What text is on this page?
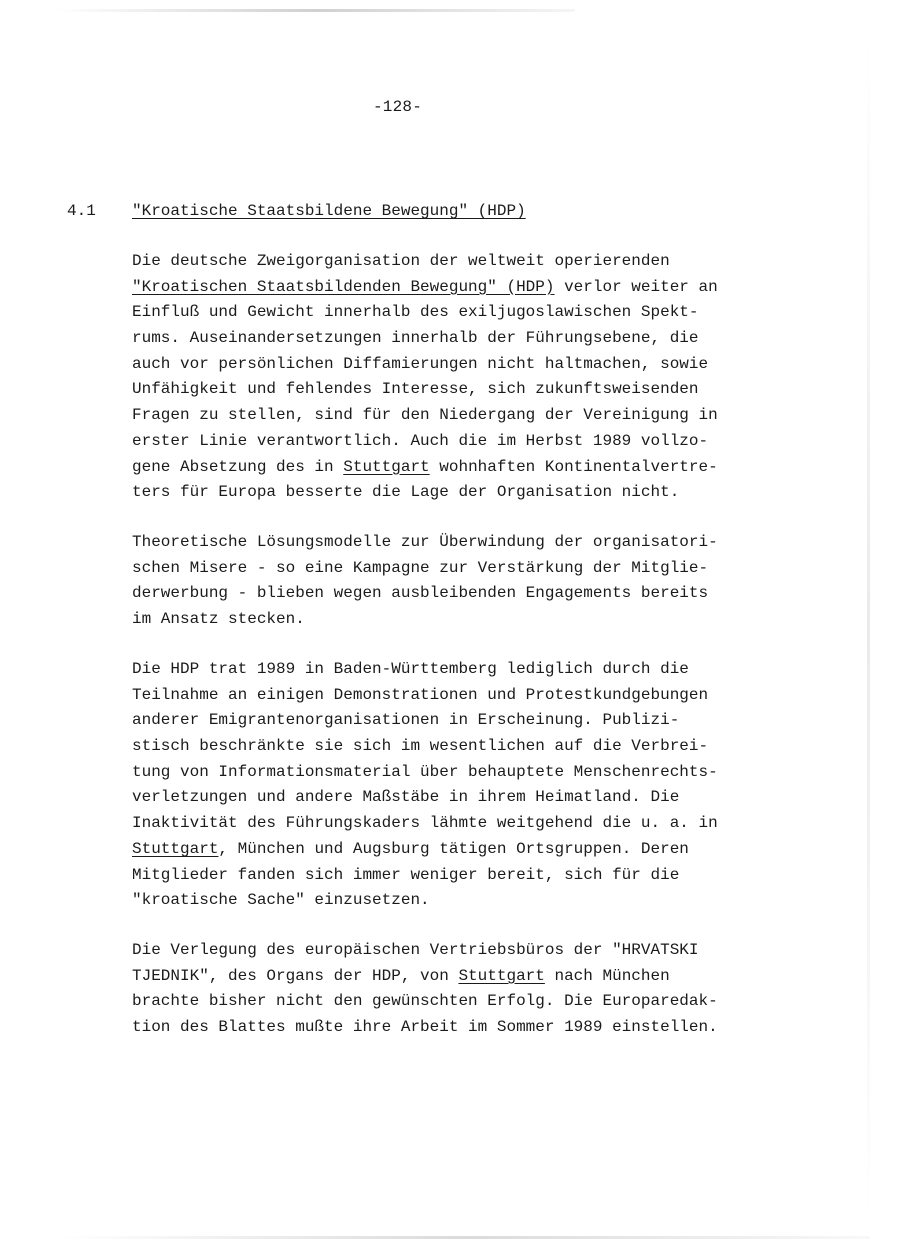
-128-
4.1 "Kroatische Staatsbildene Bewegung" (HDP)
Die deutsche Zweigorganisation der weltweit operierenden
"Kroatischen Staatsbildenden Bewegung" (HDP) verlor weiter an
Einfluß und Gewicht innerhalb des exiljugoslawischen Spekt-
rums. Auseinandersetzungen innerhalb der Führungsebene, die
auch vor persönlichen Diffamierungen nicht haltmachen, sowie
Unfähigkeit und fehlendes Interesse, sich zukunftsweisenden
Fragen zu stellen, sind für den Niedergang der Vereinigung in
erster Linie verantwortlich. Auch die im Herbst 1989 vollzo-
gene Absetzung des in Stuttgart wohnhaften Kontinentalvertre-
ters für Europa besserte die Lage der Organisation nicht.
Theoretische Lösungsmodelle zur Überwindung der organisatori-
schen Misere - so eine Kampagne zur Verstärkung der Mitglie-
derwerbung - blieben wegen ausbleibenden Engagements bereits
im Ansatz stecken.
Die HDP trat 1989 in Baden-Württemberg lediglich durch die
Teilnahme an einigen Demonstrationen und Protestkundgebungen
anderer Emigrantenorganisationen in Erscheinung. Publizi-
stisch beschränkte sie sich im wesentlichen auf die Verbrei-
tung von Informationsmaterial über behauptete Menschenrechts-
verletzungen und andere Maßstäbe in ihrem Heimatland. Die
Inaktivität des Führungskaders lähmte weitgehend die u. a. in
Stuttgart, München und Augsburg tätigen Ortsgruppen. Deren
Mitglieder fanden sich immer weniger bereit, sich für die
"kroatische Sache" einzusetzen.
Die Verlegung des europäischen Vertriebsbüros der "HRVATSKI
TJEDNIK", des Organs der HDP, von Stuttgart nach München
brachte bisher nicht den gewünschten Erfolg. Die Europaredak-
tion des Blattes mußte ihre Arbeit im Sommer 1989 einstellen.
